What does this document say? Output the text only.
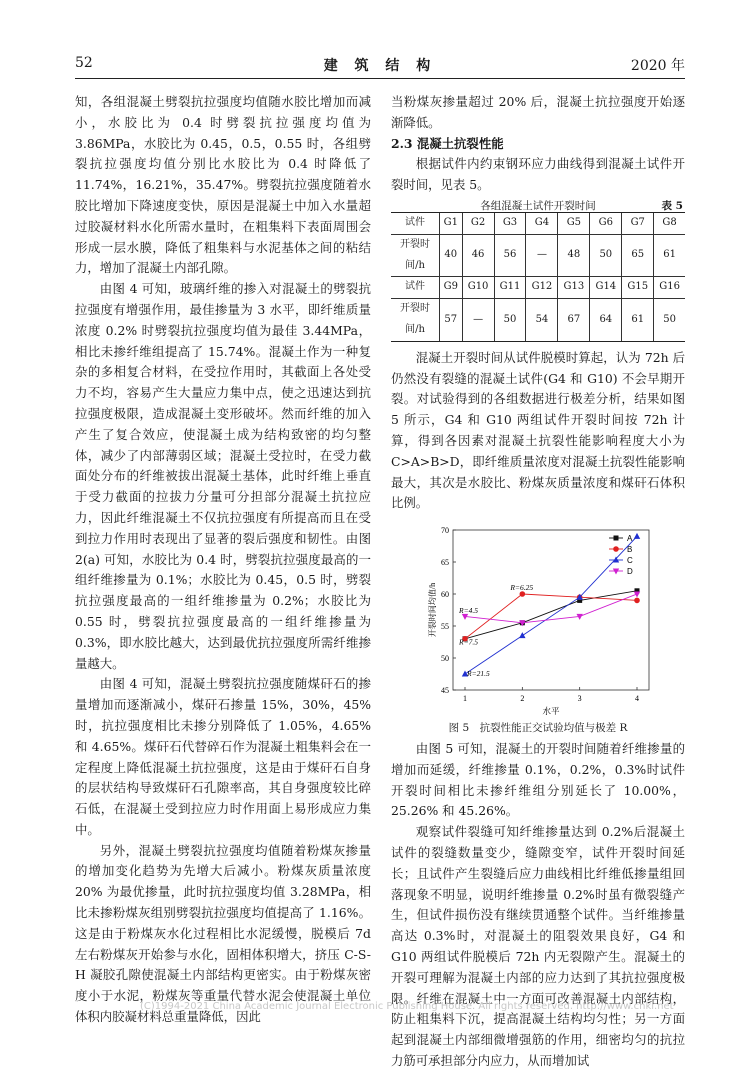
52	建 筑 结 构	2020 年

知，各组混凝土劈裂抗拉强度均值随水胶比增加而减小，水胶比为 0.4 时劈裂抗拉强度均值为 3.86MPa，水胶比为 0.45，0.5，0.55 时，各组劈裂抗拉强度均值分别比水胶比为 0.4 时降低了 11.74%，16.21%，35.47%。劈裂抗拉强度随着水胶比增加下降速度变快，原因是混凝土中加入水量超过胶凝材料水化所需水量时，在粗集料下表面周围会形成一层水膜，降低了粗集料与水泥基体之间的粘结力，增加了混凝土内部孔隙。

由图 4 可知，玻璃纤维的掺入对混凝土的劈裂抗拉强度有增强作用，最佳掺量为 3 水平，即纤维质量浓度 0.2% 时劈裂抗拉强度均值为最佳 3.44MPa，相比未掺纤维组提高了 15.74%。混凝土作为一种复杂的多相复合材料，在受拉作用时，其截面上各处受力不均，容易产生大量应力集中点，使之迅速达到抗拉强度极限，造成混凝土变形破坏。然而纤维的加入产生了复合效应，使混凝土成为结构致密的均匀整体，减少了内部薄弱区域；混凝土受拉时，在受力截面处分布的纤维被拔出混凝土基体，此时纤维上垂直于受力截面的拉拔力分量可分担部分混凝土抗拉应力，因此纤维混凝土不仅抗拉强度有所提高而且在受到拉力作用时表现出了显著的裂后强度和韧性。由图 2(a) 可知，水胶比为 0.4 时，劈裂抗拉强度最高的一组纤维掺量为 0.1%；水胶比为 0.45，0.5 时，劈裂抗拉强度最高的一组纤维掺量为 0.2%；水胶比为 0.55 时，劈裂抗拉强度最高的一组纤维掺量为 0.3%，即水胶比越大，达到最优抗拉强度所需纤维掺量越大。

由图 4 可知，混凝土劈裂抗拉强度随煤矸石的掺量增加而逐渐减小，煤矸石掺量 15%，30%，45% 时，抗拉强度相比未掺分别降低了 1.05%，4.65% 和 4.65%。煤矸石代替碎石作为混凝土粗集料会在一定程度上降低混凝土抗拉强度，这是由于煤矸石自身的层状结构导致煤矸石孔隙率高，其自身强度较比碎石低，在混凝土受到拉应力时作用面上易形成应力集中。

另外，混凝土劈裂抗拉强度均值随着粉煤灰掺量的增加变化趋势为先增大后减小。粉煤灰质量浓度 20% 为最优掺量，此时抗拉强度均值 3.28MPa，相比未掺粉煤灰组别劈裂抗拉强度均值提高了 1.16%。这是由于粉煤灰水化过程相比水泥缓慢，脱模后 7d 左右粉煤灰开始参与水化，固相体积增大，挤压 C-S-H 凝胶孔隙使混凝土内部结构更密实。由于粉煤灰密度小于水泥，粉煤灰等重量代替水泥会使混凝土单位体积内胶凝材料总重量降低，因此

当粉煤灰掺量超过 20% 后，混凝土抗拉强度开始逐渐降低。

2.3 混凝土抗裂性能

根据试件内约束钢环应力曲线得到混凝土试件开裂时间，见表 5。

各组混凝土试件开裂时间	表 5
试件	G1	G2	G3	G4	G5	G6	G7	G8
开裂时间/h	40	46	56	—	48	50	65	61
试件	G9	G10	G11	G12	G13	G14	G15	G16
开裂时间/h	57	—	50	54	67	64	61	50

混凝土开裂时间从试件脱模时算起，认为 72h 后仍然没有裂缝的混凝土试件(G4 和 G10) 不会早期开裂。对试验得到的各组数据进行极差分析，结果如图 5 所示，G4 和 G10 两组试件开裂时间按 72h 计算，得到各因素对混凝土抗裂性能影响程度大小为 C>A>B>D，即纤维质量浓度对混凝土抗裂性能影响最大，其次是水胶比、粉煤灰质量浓度和煤矸石体积比例。

45
50
55
60
65
70
1	2	3	4
水平
开裂时间均值/h
A
B
C
D
R=4.5
R=6.25
R=7.5
R=21.5

图 5　抗裂性能正交试验均值与极差 R

由图 5 可知，混凝土的开裂时间随着纤维掺量的增加而延缓，纤维掺量 0.1%，0.2%，0.3%时试件开裂时间相比未掺纤维组分别延长了 10.00%，25.26% 和 45.26%。

观察试件裂缝可知纤维掺量达到 0.2%后混凝土试件的裂缝数量变少，缝隙变窄，试件开裂时间延长；且试件产生裂缝后应力曲线相比纤维低掺量组回落现象不明显，说明纤维掺量 0.2%时虽有微裂缝产生，但试件损伤没有继续贯通整个试件。当纤维掺量高达 0.3%时，对混凝土的阻裂效果良好，G4 和 G10 两组试件脱模后 72h 内无裂隙产生。混凝土的开裂可理解为混凝土内部的应力达到了其抗拉强度极限。纤维在混凝土中一方面可改善混凝土内部结构，防止粗集料下沉，提高混凝土结构均匀性；另一方面起到混凝土内部细微增强筋的作用，细密均匀的抗拉力筋可承担部分内应力，从而增加试

(C)1994-2021 China Academic Journal Electronic Publishing House. All rights reserved. http://www.cnki.net
